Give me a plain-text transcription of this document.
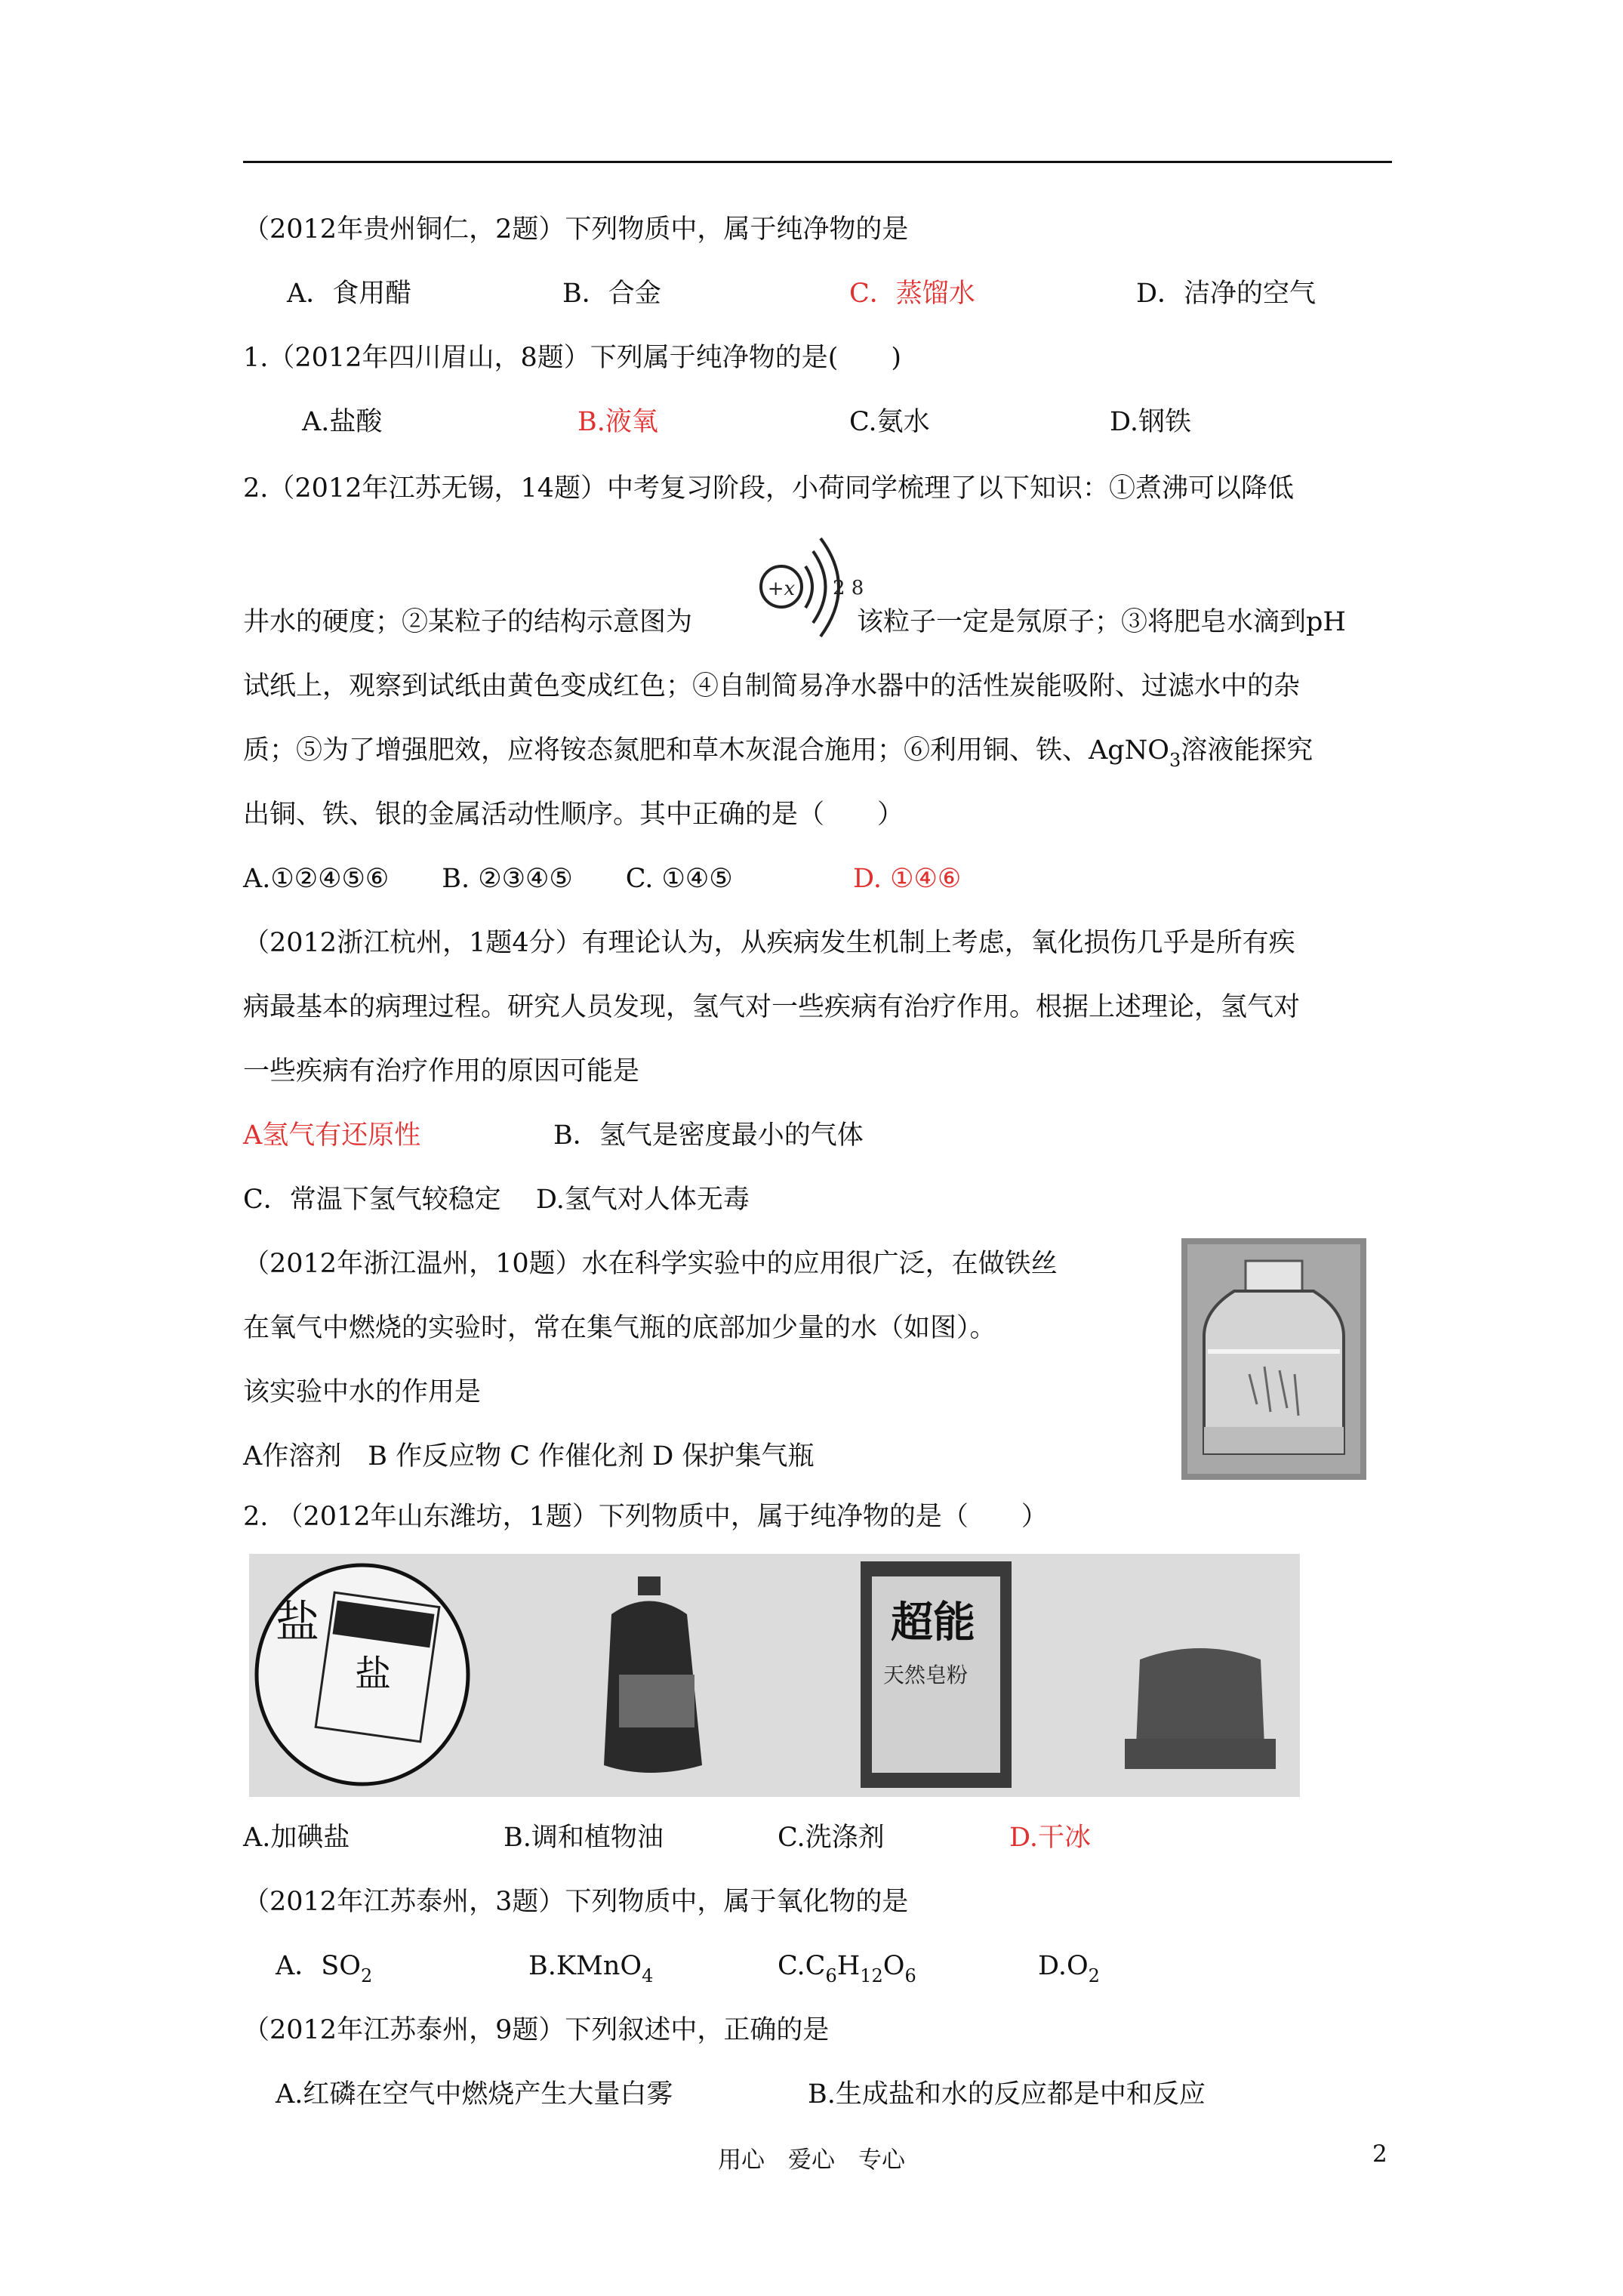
（2012年贵州铜仁，2题）下列物质中，属于纯净物的是
A．食用醋	B．合金	C．蒸馏水	D．洁净的空气
1.（2012年四川眉山，8题）下列属于纯净物的是(　　)
A.盐酸	B.液氧	C.氨水	D.钢铁
2.（2012年江苏无锡，14题）中考复习阶段，小荷同学梳理了以下知识：①煮沸可以降低
+x 2 8
井水的硬度；②某粒子的结构示意图为	该粒子一定是氖原子；③将肥皂水滴到pH
试纸上，观察到试纸由黄色变成红色；④自制简易净水器中的活性炭能吸附、过滤水中的杂
质；⑤为了增强肥效，应将铵态氮肥和草木灰混合施用；⑥利用铜、铁、AgNO$_3$溶液能探究
出铜、铁、银的金属活动性顺序。其中正确的是（　　）
A.①②④⑤⑥　　B. ②③④⑤　　C. ①④⑤　	D. ①④⑥
（2012浙江杭州，1题4分）有理论认为，从疾病发生机制上考虑，氧化损伤几乎是所有疾
病最基本的病理过程。研究人员发现，氢气对一些疾病有治疗作用。根据上述理论，氢气对
一些疾病有治疗作用的原因可能是
A氢气有还原性	B．氢气是密度最小的气体
C．常温下氢气较稳定　 D.氢气对人体无毒
（2012年浙江温州，10题）水在科学实验中的应用很广泛，在做铁丝
在氧气中燃烧的实验时，常在集气瓶的底部加少量的水（如图）。
该实验中水的作用是
A作溶剂　B 作反应物 C 作催化剂 D 保护集气瓶
2. （2012年山东潍坊，1题）下列物质中，属于纯净物的是（　　）
盐
盐
超能
天然皂粉
A.加碘盐	B.调和植物油	C.洗涤剂	D.干冰
（2012年江苏泰州，3题）下列物质中，属于氧化物的是
A．$SO_2$	B.KMnO$_4$	$C.C_6H_{12}O_6$	$D.O_2$
（2012年江苏泰州，9题）下列叙述中，正确的是
A.红磷在空气中燃烧产生大量白雾	B.生成盐和水的反应都是中和反应
用心　爱心　专心	2
